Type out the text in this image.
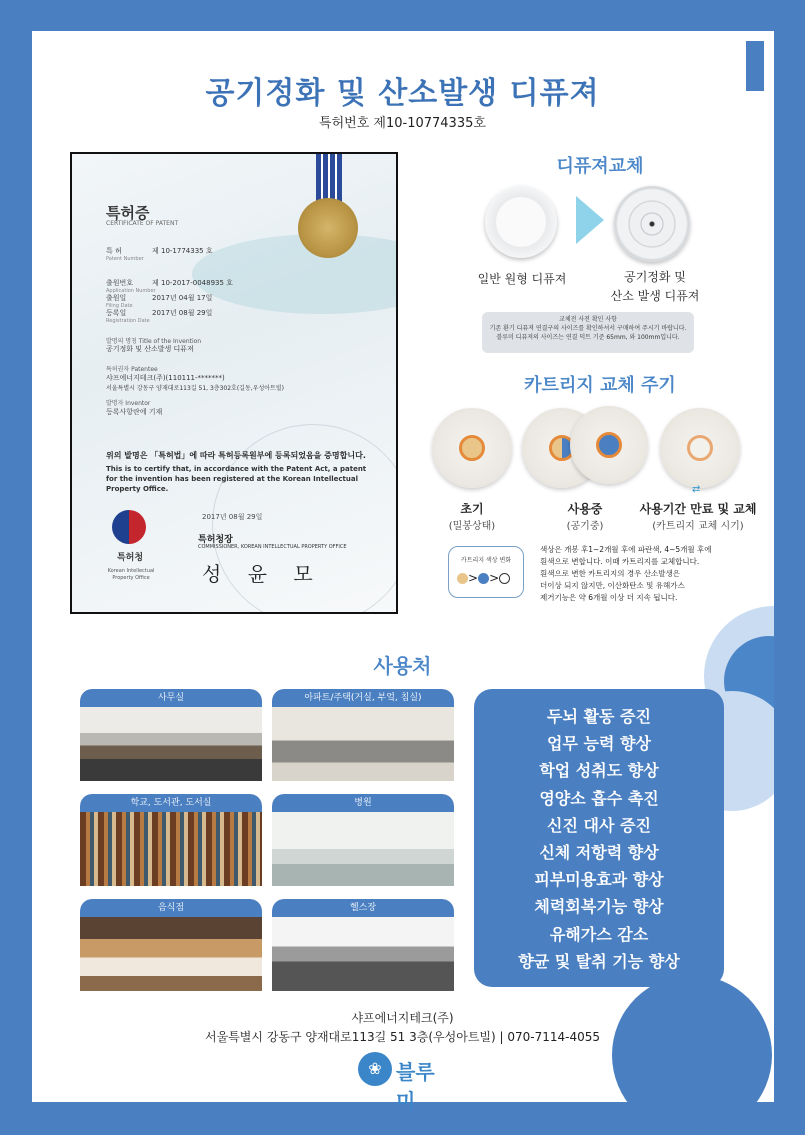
공기정화 및 산소발생 디퓨져
특허번호 제10-10774335호
특허증
CERTIFICATE OF PATENT
특 허	제 10-1774335 호
Patent Number
출원번호	제 10-2017-0048935 호
Application Number
출원일	2017년 04월 17일
Filing Date
등록일	2017년 08월 29일
Registration Date
발명의 명칭 Title of the Invention
공기정화 및 산소발생 디퓨져
특허권자 Patentee
샤프에너지테크(주)(110111-*******)
서울특별시 강동구 양재대로113길 51, 3층302호(길동,우성아트빌)
발명자 Inventor
등록사항란에 기재
위의 발명은 「특허법」에 따라 특허등록원부에 등록되었음을 증명합니다.
This is to certify that, in accordance with the Patent Act, a patent for the invention has been registered at the Korean Intellectual Property Office.
특허청
Korean Intellectual Property Office
2017년 08월 29일
특허청장
COMMISSIONER, KOREAN INTELLECTUAL PROPERTY OFFICE
성 윤 모
디퓨져교체
일반 원형 디퓨져	공기정화 및
산소 발생 디퓨져
교체전 사전 확인 사항
기존 환기 디퓨져 연결구의 사이즈를 확인하셔서 구매하여 주시기 바랍니다.
블루미 디퓨져의 사이즈는 연결 덕트 기준 65mm, 와 100mm입니다.
카트리지 교체 주기
⇄
초기
(밀봉상태)
사용중
(공기중)
사용기간 만료 및 교체
(카트리지 교체 시기)
카트리지 색상 변화
> >
색상은 개봉 후1~2개월 후에 파란색, 4~5개월 후에
흰색으로 변합니다. 이때 카트리지를 교체합니다.
흰색으로 변한 카트리지의 경우 산소발생은
더이상 되지 않지만, 이산화탄소 및 유해가스
제거기능은 약 6개월 이상 더 지속 됩니다.
사용처
사무실	아파트/주택(거실, 부엌, 침실)
학교, 도서관, 도서실	병원
음식점	헬스장
두뇌 활동 증진
업무 능력 향상
학업 성취도 향상
영양소 흡수 촉진
신진 대사 증진
신체 저항력 향상
피부미용효과 향상
체력회복기능 향상
유해가스 감소
향균 및 탈취 기능 향상
샤프에너지테크(주)
서울특별시 강동구 양재대로113길 51 3층(우성아트빌) | 070-7114-4055
❀ 블루미
